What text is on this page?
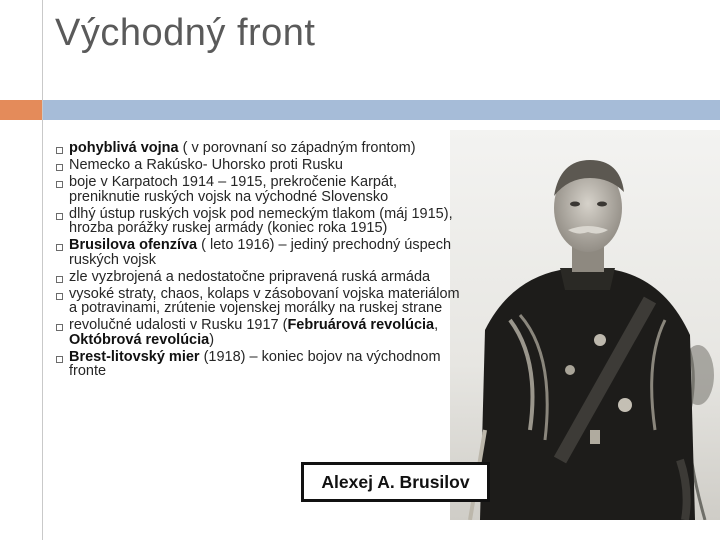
Východný front
pohyblivá vojna ( v porovnaní so západným frontom)
Nemecko a Rakúsko- Uhorsko proti Rusku
boje v Karpatoch 1914 – 1915, prekročenie Karpát, preniknutie ruských vojsk na východné Slovensko
dlhý ústup ruských vojsk pod nemeckým tlakom (máj 1915), hrozba porážky ruskej armády (koniec roka 1915)
Brusilova ofenzíva ( leto 1916) – jediný prechodný úspech ruských vojsk
zle vyzbrojená a nedostatočne pripravená ruská armáda
vysoké straty, chaos, kolaps v zásobovaní vojska materiálom a potravinami, zrútenie vojenskej morálky na ruskej strane
revolučné udalosti v Rusku 1917 (Februárová revolúcia, Októbrová revolúcia)
Brest-litovský mier (1918) – koniec bojov na východnom fronte
Alexej A. Brusilov
